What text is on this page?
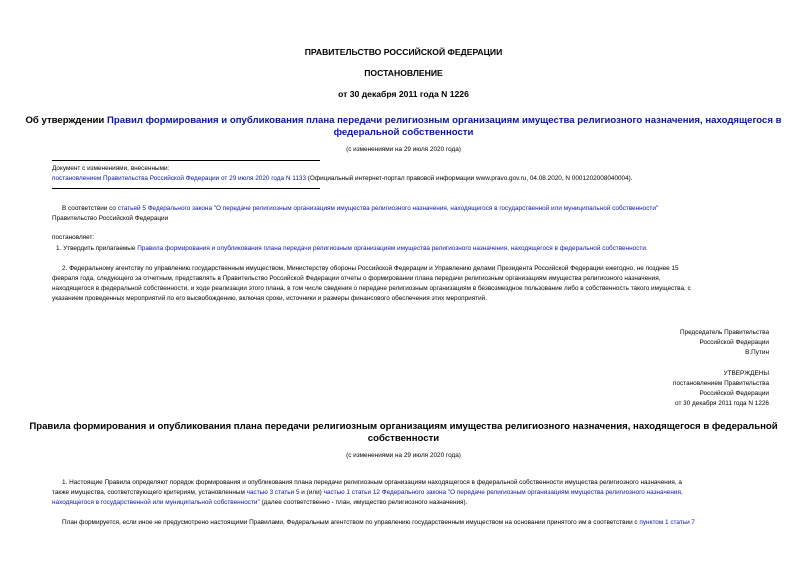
ПРАВИТЕЛЬСТВО РОССИЙСКОЙ ФЕДЕРАЦИИ
ПОСТАНОВЛЕНИЕ
от 30 декабря 2011 года N 1226
Об утверждении Правил формирования и опубликования плана передачи религиозным организациям имущества религиозного назначения, находящегося в
федеральной собственности
(с изменениями на 29 июля 2020 года)
Документ с изменениями, внесенными:
постановлением Правительства Российской Федерации от 29 июля 2020 года N 1133 (Официальный интернет-портал правовой информации www.pravo.gov.ru, 04.08.2020, N 0001202008040004).
В соответствии со статьей 5 Федерального закона "О передаче религиозным организациям имущества религиозного назначения, находящегося в государственной или муниципальной собственности"
Правительство Российской Федерации
постановляет:
1. Утвердить прилагаемые Правила формирования и опубликования плана передачи религиозным организациям имущества религиозного назначения, находящегося в федеральной собственности.
2. Федеральному агентству по управлению государственным имуществом, Министерству обороны Российской Федерации и Управлению делами Президента Российской Федерации ежегодно, не позднее 15
февраля года, следующего за отчетным, представлять в Правительство Российской Федерации отчеты о формировании плана передачи религиозным организациям имущества религиозного назначения,
находящегося в федеральной собственности, и ходе реализации этого плана, в том числе сведения о передаче религиозным организациям в безвозмездное пользование либо в собственность такого имущества, с
указанием проведенных мероприятий по его высвобождению, включая сроки, источники и размеры финансового обеспечения этих мероприятий.
Председатель Правительства
Российской Федерации
В.Путин
УТВЕРЖДЕНЫ
постановлением Правительства
Российской Федерации
от 30 декабря 2011 года N 1226
Правила формирования и опубликования плана передачи религиозным организациям имущества религиозного назначения, находящегося в федеральной
собственности
(с изменениями на 29 июля 2020 года)
1. Настоящие Правила определяют порядок формирования и опубликования плана передачи религиозным организациям находящегося в федеральной собственности имущества религиозного назначения, а
также имущества, соответствующего критериям, установленным частью 3 статьи 5 и (или) частью 1 статьи 12 Федерального закона "О передаче религиозным организациям имущества религиозного назначения,
находящегося в государственной или муниципальной собственности" (далее соответственно - план, имущество религиозного назначения).
План формируется, если иное не предусмотрено настоящими Правилами, Федеральным агентством по управлению государственным имуществом на основании принятого им в соответствии с пунктом 1 статьи 7
